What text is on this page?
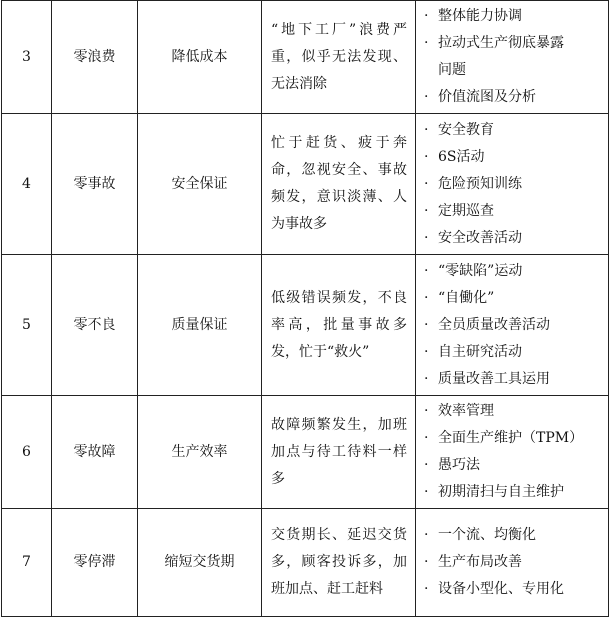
3	零浪费	降低成本	“地下工厂”浪费严重，似乎无法发现、无法消除	· 整体能力协调
· 拉动式生产彻底暴露
问题
· 价值流图及分析

4	零事故	安全保证	忙于赶货、疲于奔命，忽视安全、事故频发，意识淡薄、人为事故多	· 安全教育
· 6S活动
· 危险预知训练
· 定期巡查
· 安全改善活动

5	零不良	质量保证	低级错误频发，不良率高，批量事故多发，忙于“救火”	· “零缺陷”运动
· “自働化”
· 全员质量改善活动
· 自主研究活动
· 质量改善工具运用

6	零故障	生产效率	故障频繁发生，加班加点与待工待料一样多	· 效率管理
· 全面生产维护（TPM）
· 愚巧法
· 初期清扫与自主维护

7	零停滞	缩短交货期	交货期长、延迟交货多，顾客投诉多，加班加点、赶工赶料	· 一个流、均衡化
· 生产布局改善
· 设备小型化、专用化
